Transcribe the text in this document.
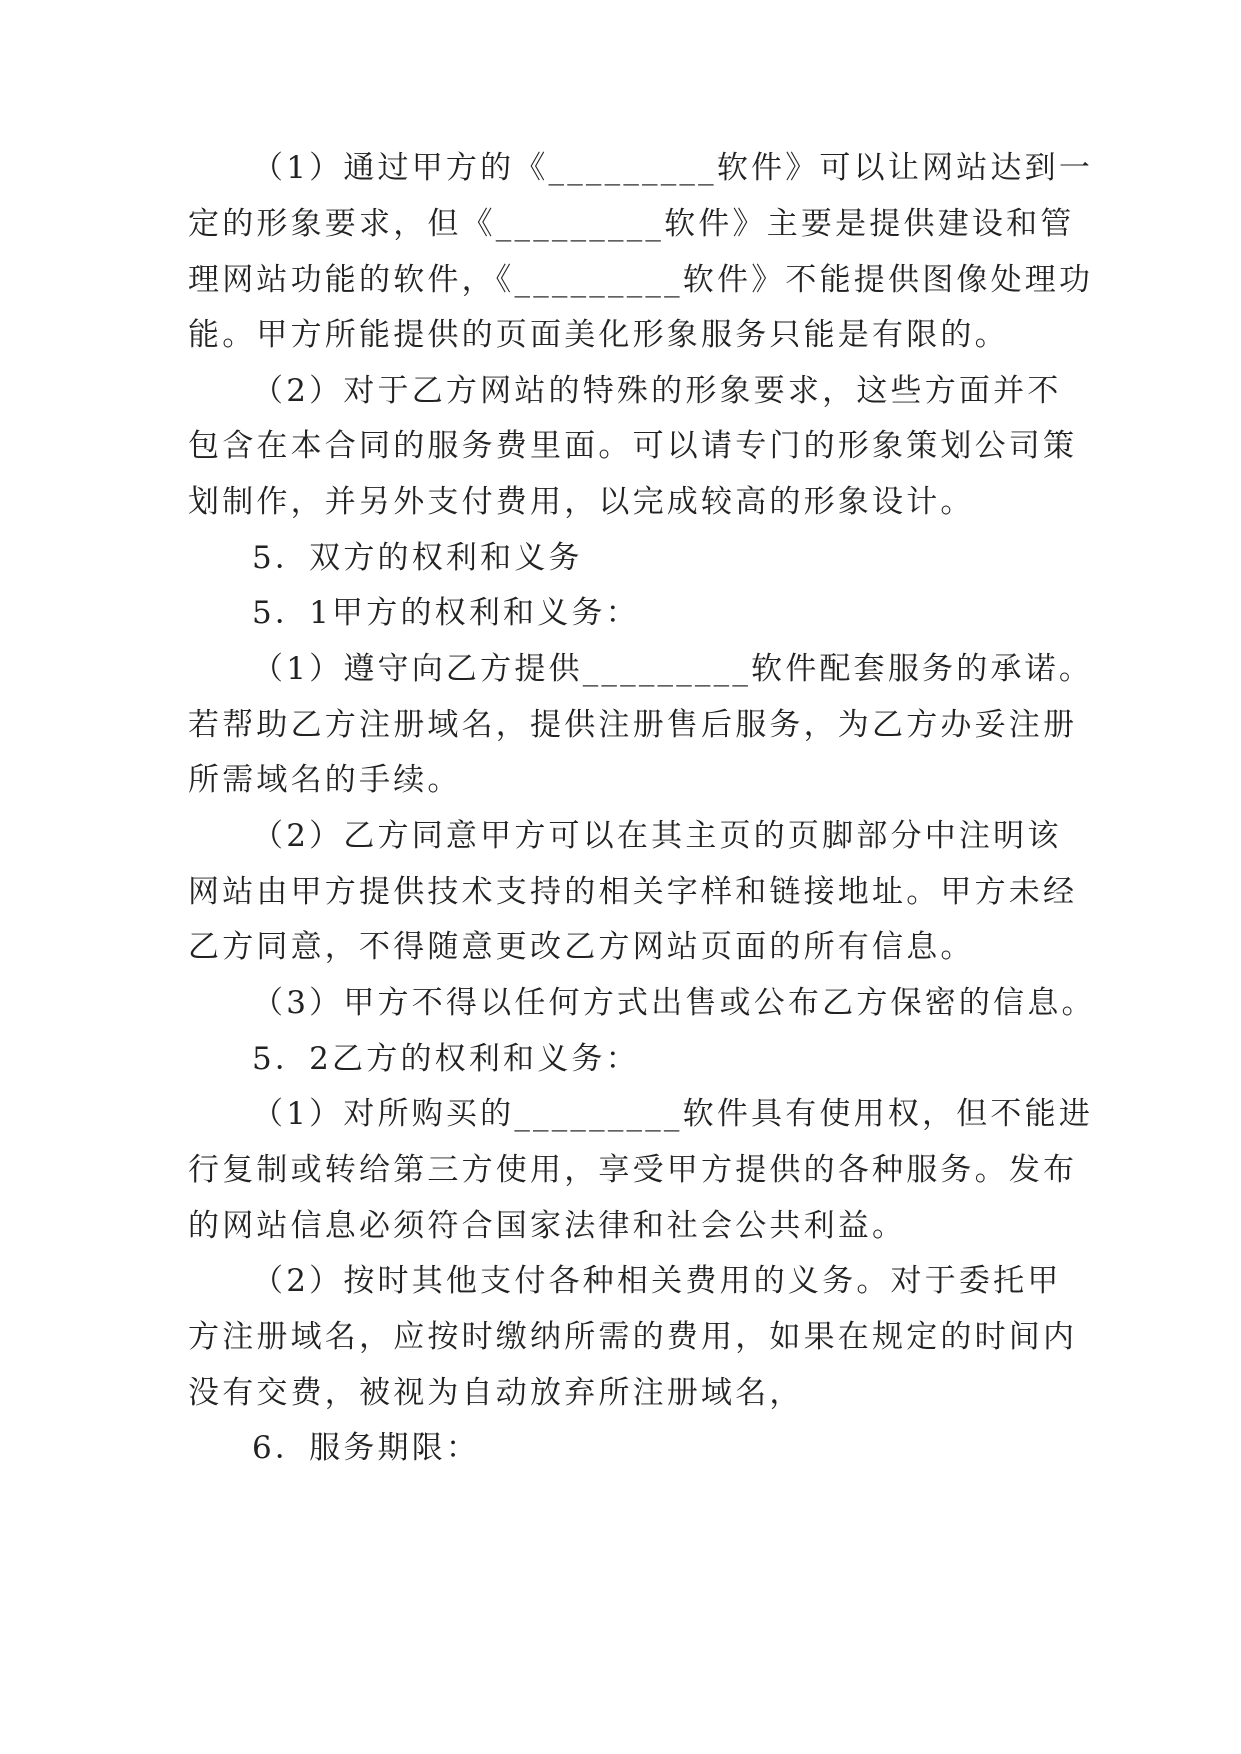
（1）通过甲方的《_________软件》可以让网站达到一
定的形象要求，但《_________软件》主要是提供建设和管
理网站功能的软件，《_________软件》不能提供图像处理功
能。甲方所能提供的页面美化形象服务只能是有限的。
（2）对于乙方网站的特殊的形象要求，这些方面并不
包含在本合同的服务费里面。可以请专门的形象策划公司策
划制作，并另外支付费用，以完成较高的形象设计。
5．双方的权利和义务
5．1甲方的权利和义务：
（1）遵守向乙方提供_________软件配套服务的承诺。
若帮助乙方注册域名，提供注册售后服务，为乙方办妥注册
所需域名的手续。
（2）乙方同意甲方可以在其主页的页脚部分中注明该
网站由甲方提供技术支持的相关字样和链接地址。甲方未经
乙方同意，不得随意更改乙方网站页面的所有信息。
（3）甲方不得以任何方式出售或公布乙方保密的信息。
5．2乙方的权利和义务：
（1）对所购买的_________软件具有使用权，但不能进
行复制或转给第三方使用，享受甲方提供的各种服务。发布
的网站信息必须符合国家法律和社会公共利益。
（2）按时其他支付各种相关费用的义务。对于委托甲
方注册域名，应按时缴纳所需的费用，如果在规定的时间内
没有交费，被视为自动放弃所注册域名，
6．服务期限：
